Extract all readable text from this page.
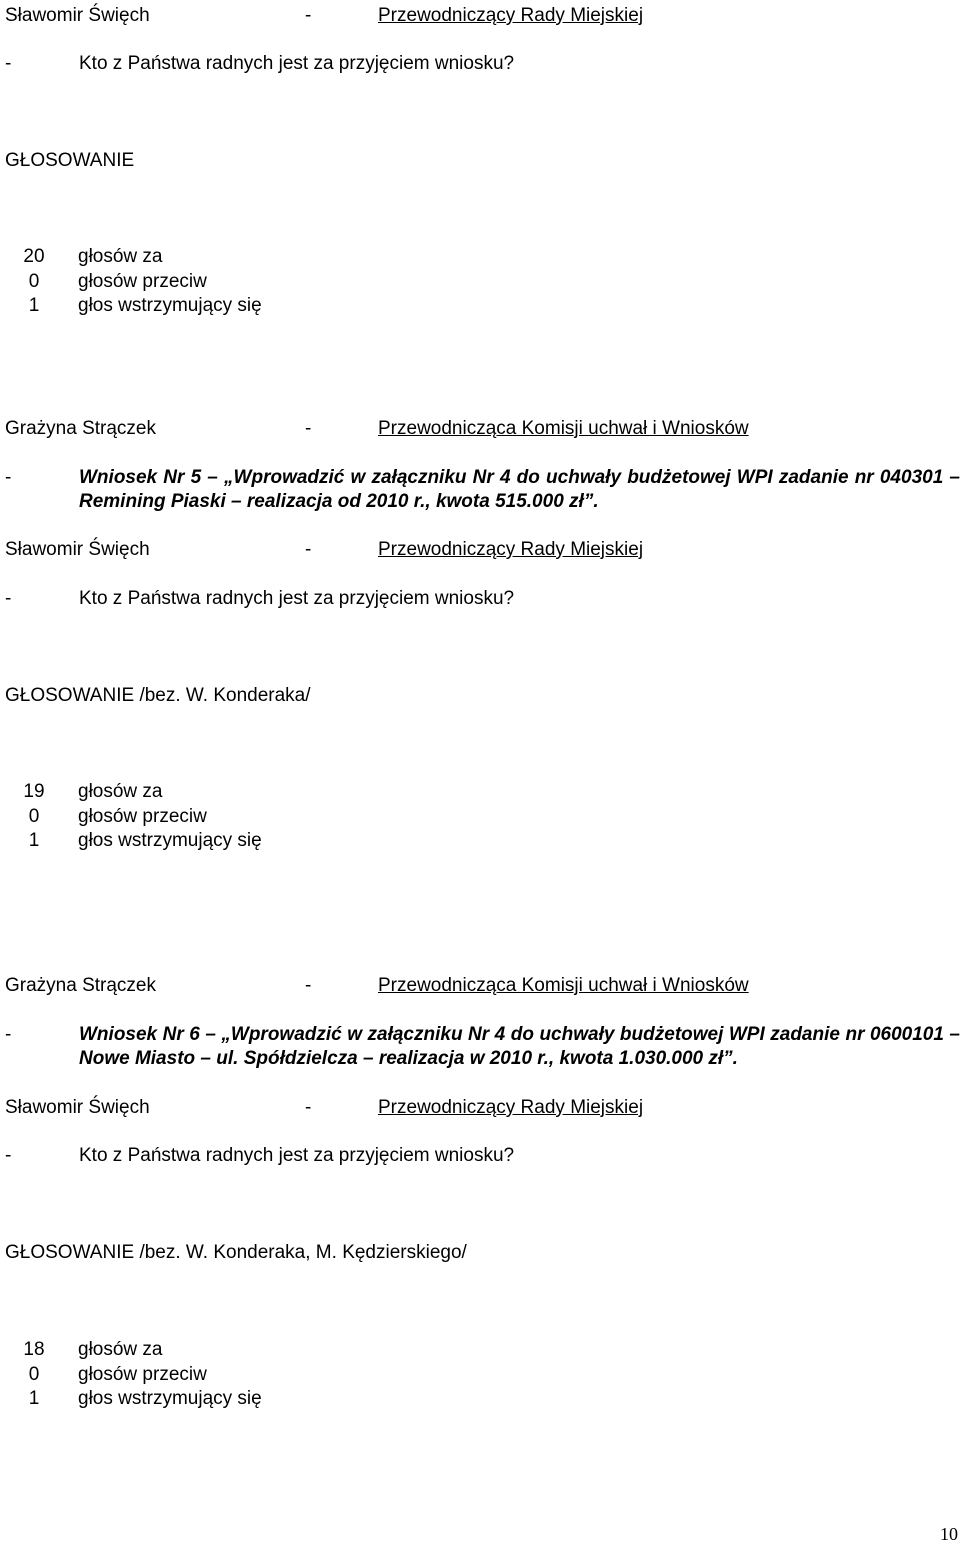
Sławomir Święch	-	Przewodniczący Rady Miejskiej
-	Kto z Państwa radnych jest za przyjęciem wniosku?
GŁOSOWANIE
20 głosów za
0 głosów przeciw
1 głos wstrzymujący się
Grażyna Strączek	-	Przewodnicząca Komisji uchwał i Wniosków
-	Wniosek Nr 5 – „Wprowadzić w załączniku Nr 4 do uchwały budżetowej WPI zadanie nr 040301 – Remining Piaski – realizacja od 2010 r., kwota 515.000 zł”.
Sławomir Święch	-	Przewodniczący Rady Miejskiej
-	Kto z Państwa radnych jest za przyjęciem wniosku?
GŁOSOWANIE /bez. W. Konderaka/
19 głosów za
0 głosów przeciw
1 głos wstrzymujący się
Grażyna Strączek	-	Przewodnicząca Komisji uchwał i Wniosków
-	Wniosek Nr 6 – „Wprowadzić w załączniku Nr 4 do uchwały budżetowej WPI zadanie nr 0600101 – Nowe Miasto – ul. Spółdzielcza – realizacja w 2010 r., kwota 1.030.000 zł”.
Sławomir Święch	-	Przewodniczący Rady Miejskiej
-	Kto z Państwa radnych jest za przyjęciem wniosku?
GŁOSOWANIE /bez. W. Konderaka, M. Kędzierskiego/
18 głosów za
0 głosów przeciw
1 głos wstrzymujący się
10
